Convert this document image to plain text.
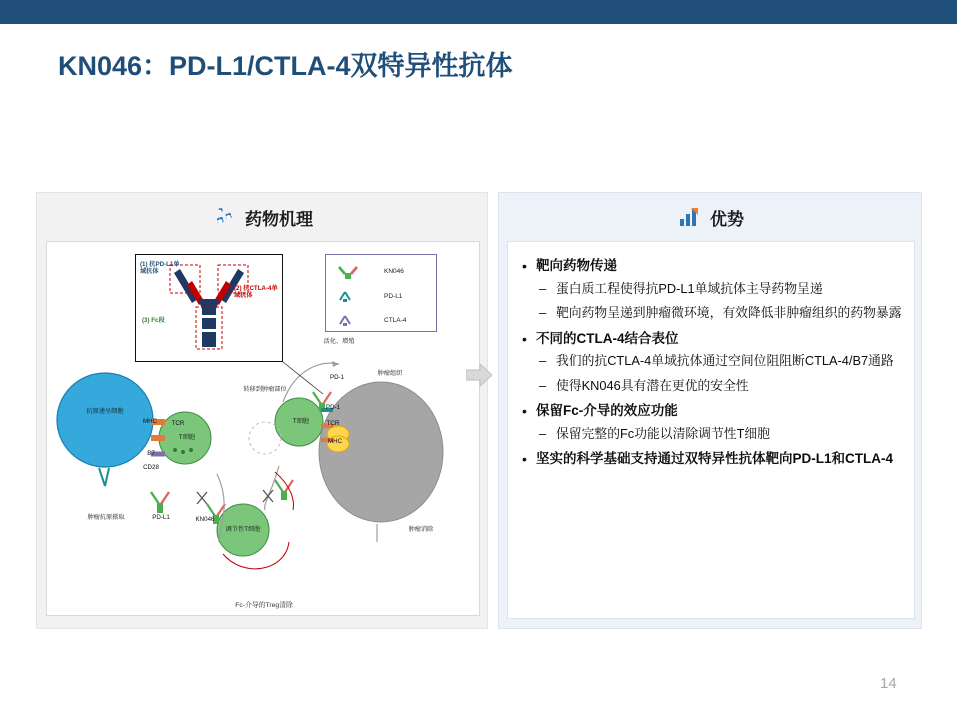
KN046：PD-L1/CTLA-4双特异性抗体
药物机理
(1) 抗PD-L1单域抗体
(2) 抗CTLA-4单域抗体
(3) Fc段
KN046
PD-L1
CTLA-4
抗原递呈细胞
肿瘤抗原摄取	PD-L1	KN046
MHC
B7
CD28
TCR
T细胞
T细胞
调节性T细胞
活化、增殖
转移到肿瘤部位
肿瘤组织
PD-1
PD-1
TCR
MHC
肿瘤消除
Fc-介导的Treg清除
优势
• 靶向药物传递
– 蛋白质工程使得抗PD-L1单域抗体主导药物呈递
– 靶向药物呈递到肿瘤微环境，有效降低非肿瘤组织的药物暴露
• 不同的CTLA-4结合表位
– 我们的抗CTLA-4单域抗体通过空间位阻阻断CTLA-4/B7通路
– 使得KN046具有潜在更优的安全性
• 保留Fc-介导的效应功能
– 保留完整的Fc功能以清除调节性T细胞
• 坚实的科学基础支持通过双特异性抗体靶向PD-L1和CTLA-4
14
